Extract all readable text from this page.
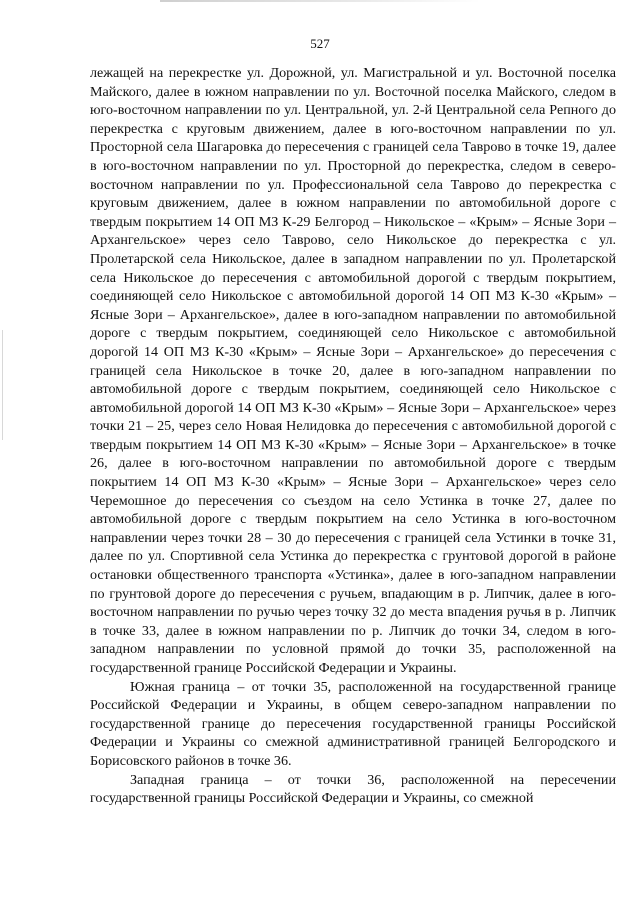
527

лежащей на перекрестке ул. Дорожной, ул. Магистральной и ул. Восточной поселка Майского, далее в южном направлении по ул. Восточной поселка Майского, следом в юго-восточном направлении по ул. Центральной, ул. 2-й Центральной села Репного до перекрестка с круговым движением, далее в юго-восточном направлении по ул. Просторной села Шагаровка до пересечения с границей села Таврово в точке 19, далее в юго-восточном направлении по ул. Просторной до перекрестка, следом в северо-восточном направлении по ул. Профессиональной села Таврово до перекрестка с круговым движением, далее в южном направлении по автомобильной дороге с твердым покрытием 14 ОП МЗ К-29 Белгород – Никольское – «Крым» – Ясные Зори – Архангельское» через село Таврово, село Никольское до перекрестка с ул. Пролетарской села Никольское, далее в западном направлении по ул. Пролетарской села Никольское до пересечения с автомобильной дорогой с твердым покрытием, соединяющей село Никольское с автомобильной дорогой 14 ОП МЗ К-30 «Крым» – Ясные Зори – Архангельское», далее в юго-западном направлении по автомобильной дороге с твердым покрытием, соединяющей село Никольское с автомобильной дорогой 14 ОП МЗ К-30 «Крым» – Ясные Зори – Архангельское» до пересечения с границей села Никольское в точке 20, далее в юго-западном направлении по автомобильной дороге с твердым покрытием, соединяющей село Никольское с автомобильной дорогой 14 ОП МЗ К-30 «Крым» – Ясные Зори – Архангельское» через точки 21 – 25, через село Новая Нелидовка до пересечения с автомобильной дорогой с твердым покрытием 14 ОП МЗ К-30 «Крым» – Ясные Зори – Архангельское» в точке 26, далее в юго-восточном направлении по автомобильной дороге с твердым покрытием 14 ОП МЗ К-30 «Крым» – Ясные Зори – Архангельское» через село Черемошное до пересечения со съездом на село Устинка в точке 27, далее по автомобильной дороге с твердым покрытием на село Устинка в юго-восточном направлении через точки 28 – 30 до пересечения с границей села Устинки в точке 31, далее по ул. Спортивной села Устинка до перекрестка с грунтовой дорогой в районе остановки общественного транспорта «Устинка», далее в юго-западном направлении по грунтовой дороге до пересечения с ручьем, впадающим в р. Липчик, далее в юго-восточном направлении по ручью через точку 32 до места впадения ручья в р. Липчик в точке 33, далее в южном направлении по р. Липчик до точки 34, следом в юго-западном направлении по условной прямой до точки 35, расположенной на государственной границе Российской Федерации и Украины.

Южная граница – от точки 35, расположенной на государственной границе Российской Федерации и Украины, в общем северо-западном направлении по государственной границе до пересечения государственной границы Российской Федерации и Украины со смежной административной границей Белгородского и Борисовского районов в точке 36.

Западная граница – от точки 36, расположенной на пересечении государственной границы Российской Федерации и Украины, со смежной
